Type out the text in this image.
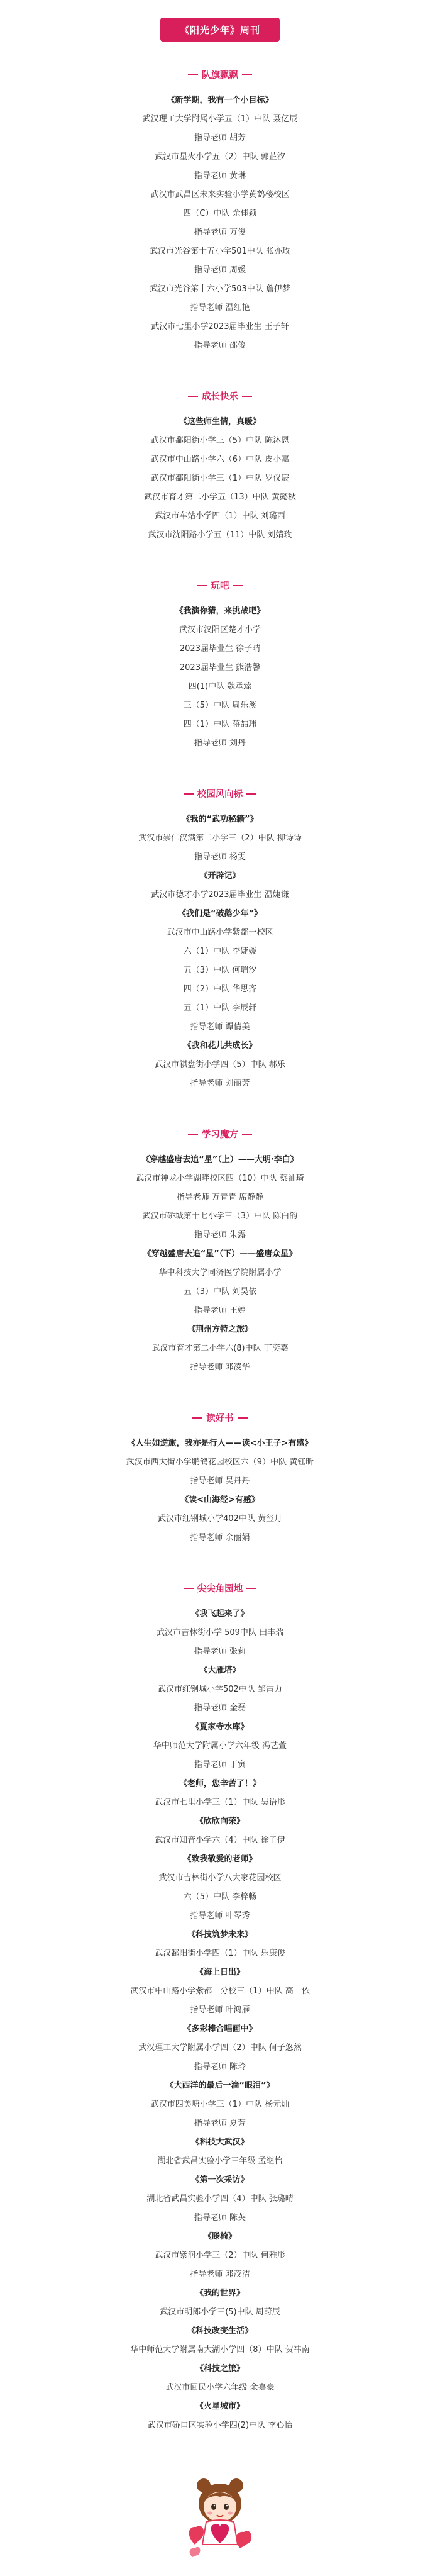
《阳光少年》周刊
队旗飘飘
《新学期，我有一个小目标》
武汉理工大学附属小学五（1）中队 聂亿辰
指导老师 胡芳
武汉市星火小学五（2）中队 郭芷汐
指导老师 黄琳
武汉市武昌区未来实验小学黄鹤楼校区
四（C）中队 余佳颖
指导老师 万俊
武汉市光谷第十五小学501中队 张亦玫
指导老师 周媛
武汉市光谷第十六小学503中队 詹伊梦
指导老师 温红艳
武汉市七里小学2023届毕业生 王子轩
指导老师 邵俊
成长快乐
《这些师生情，真暖》
武汉市鄱阳街小学三（5）中队 陈沐恩
武汉市中山路小学六（6）中队 皮小嘉
武汉市鄱阳街小学三（1）中队 罗仪宸
武汉市育才第二小学五（13）中队 黄懿秋
武汉市车站小学四（1）中队 刘璐西
武汉市沈阳路小学五（11）中队 刘婧玫
玩吧
《我演你猜，来挑战吧》
武汉市汉阳区楚才小学
2023届毕业生 徐子晴
2023届毕业生 熊浩馨
四(1)中队 魏承臻
三（5）中队 周乐溪
四（1）中队 蒋喆玮
指导老师 刘丹
校园风向标
《我的“武功秘籍”》
武汉市崇仁汉满第二小学三（2）中队 柳诗诗
指导老师 杨雯
《开辟记》
武汉市德才小学2023届毕业生 温婕谦
《我们是“破鹅少年”》
武汉市中山路小学紫都一校区
六（1）中队 李婕媛
五（3）中队 何瑞汐
四（2）中队 华思齐
五（1）中队 李辰轩
指导老师 谭倩美
《我和花儿共成长》
武汉市祺盘街小学四（5）中队 郝乐
指导老师 刘丽芳
学习魔方
《穿越盛唐去追“星”（上）——大明·李白》
武汉市神龙小学湖畔校区四（10）中队 蔡汕琦
指导老师 万青青 席静静
武汉市硚城第十七小学三（3）中队 陈白韵
指导老师 朱露
《穿越盛唐去追“星”（下）——盛唐众星》
华中科技大学同济医学院附属小学
五（3）中队 刘昊依
指导老师 王婷
《荆州方特之旅》
武汉市育才第二小学六(8)中队 丁奕嘉
指导老师 邓凌华
读好书
《人生如逆旅，我亦是行人——读<小王子>有感》
武汉市西大街小学鹏鸽花园校区六（9）中队 黄钰昕
指导老师 吴丹丹
《读<山海经>有感》
武汉市红钢城小学402中队 黄玺月
指导老师 余丽娟
尖尖角园地
《我飞起来了》
武汉市吉林街小学 509中队 田丰瑞
指导老师 张莉
《大雁塔》
武汉市红钢城小学502中队 邹雷力
指导老师 金磊
《夏家寺水库》
华中师范大学附属小学六年级 冯艺萱
指导老师 丁寅
《老师，您辛苦了！》
武汉市七里小学三（1）中队 吴语彤
《欣欣向荣》
武汉市知音小学六（4）中队 徐子伊
《致我敬爱的老师》
武汉市吉林街小学八大家花园校区
六（5）中队 李梓畅
指导老师 叶琴秀
《科技筑梦未来》
武汉鄱阳街小学四（1）中队 乐康俊
《海上日出》
武汉市中山路小学紫都一分校三（1）中队 高一依
指导老师 叶鸿雁
《多彩棒合唱画中》
武汉理工大学附属小学四（2）中队 何子悠然
指导老师 陈玲
《大西洋的最后一滴“眼泪”》
武汉市四美塘小学三（1）中队 杨元灿
指导老师 夏芳
《科技大武汉》
湖北省武昌实验小学三年级 孟继怡
《第一次采访》
湖北省武昌实验小学四（4）中队 张璐晴
指导老师 陈英
《滕椅》
武汉市紫润小学三（2）中队 何雅彤
指导老师 邓茂洁
《我的世界》
武汉市明郎小学三(5)中队 周莳辰
《科技改变生活》
华中师范大学附属南大湖小学四（8）中队 贺祎南
《科技之旅》
武汉市回民小学六年级 余嘉豪
《火星城市》
武汉市硚口区实验小学四(2)中队 李心怡
